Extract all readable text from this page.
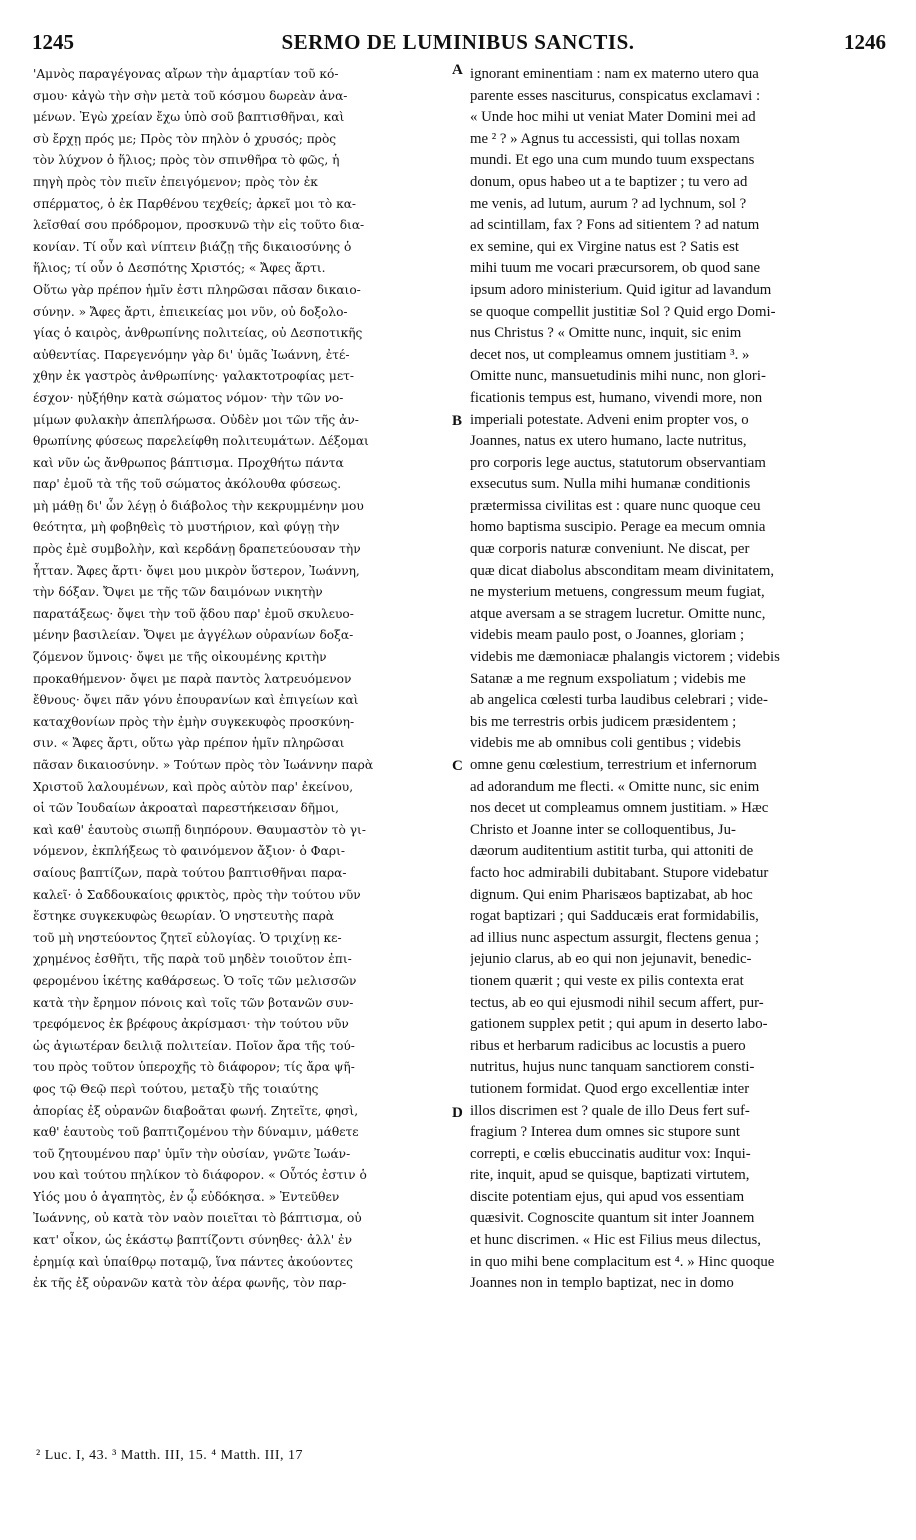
1245	SERMO DE LUMINIBUS SANCTIS.	1246
'Αμνὸς παραγέγονας αἴρων τὴν ἁμαρτίαν τοῦ κό-
σμου· κἀγὼ τὴν σὴν μετὰ τοῦ κόσμου δωρεὰν ἀνα-
μένων. Ἐγὼ χρείαν ἔχω ὑπὸ σοῦ βαπτισθῆναι, καὶ
σὺ ἔρχῃ πρός με; Πρὸς τὸν πηλὸν ὁ χρυσός; πρὸς
τὸν λύχνον ὁ ἥλιος; πρὸς τὸν σπινθῆρα τὸ φῶς, ἡ
πηγὴ πρὸς τὸν πιεῖν ἐπειγόμενον; πρὸς τὸν ἐκ
σπέρματος, ὁ ἐκ Παρθένου τεχθείς; ἀρκεῖ μοι τὸ κα-
λεῖσθαί σου πρόδρομον, προσκυνῶ τὴν εἰς τοῦτο δια-
κονίαν. Τί οὖν καὶ νίπτειν βιάζῃ τῆς δικαιοσύνης ὁ
ἥλιος; τί οὖν ὁ Δεσπότης Χριστός; « Ἄφες ἄρτι.
Οὕτω γὰρ πρέπον ἡμῖν ἐστι πληρῶσαι πᾶσαν δικαιο-
σύνην. » Ἄφες ἄρτι, ἐπιεικείας μοι νῦν, οὐ δοξολο-
γίας ὁ καιρὸς, ἀνθρωπίνης πολιτείας, οὐ Δεσποτικῆς
αὐθεντίας. Παρεγενόμην γὰρ δι' ὑμᾶς Ἰωάννη, ἐτέ-
χθην ἐκ γαστρὸς ἀνθρωπίνης· γαλακτοτροφίας μετ-
έσχον· ηὐξήθην κατὰ σώματος νόμον· τὴν τῶν νο-
μίμων φυλακὴν ἀπεπλήρωσα. Οὐδὲν μοι τῶν τῆς ἀν-
θρωπίνης φύσεως παρελείφθη πολιτευμάτων. Δέξομαι
καὶ νῦν ὡς ἄνθρωπος βάπτισμα. Προχθήτω πάντα
παρ' ἐμοῦ τὰ τῆς τοῦ σώματος ἀκόλουθα φύσεως.
μὴ μάθῃ δι' ὧν λέγῃ ὁ διάβολος τὴν κεκρυμμένην μου
θεότητα, μὴ φοβηθεὶς τὸ μυστήριον, καὶ φύγῃ τὴν
πρὸς ἐμὲ συμβολὴν, καὶ κερδάνῃ δραπετεύουσαν τὴν
ἧτταν. Ἄφες ἄρτι· ὄψει μου μικρὸν ὕστερον, Ἰωάννη,
τὴν δόξαν. Ὄψει με τῆς τῶν δαιμόνων νικητὴν
παρατάξεως· ὄψει τὴν τοῦ ᾅδου παρ' ἐμοῦ σκυλευο-
μένην βασιλείαν. Ὄψει με ἀγγέλων οὐρανίων δοξα-
ζόμενον ὕμνοις· ὄψει με τῆς οἰκουμένης κριτὴν
προκαθήμενον· ὄψει με παρὰ παντὸς λατρευόμενον
ἔθνους· ὄψει πᾶν γόνυ ἐπουρανίων καὶ ἐπιγείων καὶ
καταχθονίων πρὸς τὴν ἐμὴν συγκεκυφὸς προσκύνη-
σιν. « Ἄφες ἄρτι, οὕτω γὰρ πρέπον ἡμῖν πληρῶσαι
πᾶσαν δικαιοσύνην. » Τούτων πρὸς τὸν Ἰωάννην παρὰ
Χριστοῦ λαλουμένων, καὶ πρὸς αὐτὸν παρ' ἐκείνου,
οἱ τῶν Ἰουδαίων ἀκροαταὶ παρεστήκεισαν δῆμοι,
καὶ καθ' ἑαυτοὺς σιωπῇ διηπόρουν. Θαυμαστὸν τὸ γι-
νόμενον, ἐκπλήξεως τὸ φαινόμενον ἄξιον· ὁ Φαρι-
σαίους βαπτίζων, παρὰ τούτου βαπτισθῆναι παρα-
καλεῖ· ὁ Σαδδουκαίοις φρικτὸς, πρὸς τὴν τούτου νῦν
ἕστηκε συγκεκυφὼς θεωρίαν. Ὁ νηστευτὴς παρὰ
τοῦ μὴ νηστεύοντος ζητεῖ εὐλογίας. Ὁ τριχίνῃ κε-
χρημένος ἐσθῆτι, τῆς παρὰ τοῦ μηδὲν τοιοῦτον ἐπι-
φερομένου ἱκέτης καθάρσεως. Ὁ τοῖς τῶν μελισσῶν
κατὰ τὴν ἔρημον πόνοις καὶ τοῖς τῶν βοτανῶν συν-
τρεφόμενος ἐκ βρέφους ἀκρίσμασι· τὴν τούτου νῦν
ὡς ἁγιωτέραν δειλιᾷ πολιτείαν. Ποῖον ἄρα τῆς τού-
του πρὸς τοῦτον ὑπεροχῆς τὸ διάφορον; τίς ἄρα ψῆ-
φος τῷ Θεῷ περὶ τούτου, μεταξὺ τῆς τοιαύτης
ἀπορίας ἐξ οὐρανῶν διαβοᾶται φωνή. Ζητεῖτε, φησὶ,
καθ' ἑαυτοὺς τοῦ βαπτιζομένου τὴν δύναμιν, μάθετε
τοῦ ζητουμένου παρ' ὑμῖν τὴν οὐσίαν, γνῶτε Ἰωάν-
νου καὶ τούτου πηλίκον τὸ διάφορον. « Οὗτός ἐστιν ὁ
Υἱός μου ὁ ἀγαπητὸς, ἐν ᾧ εὐδόκησα. » Ἐντεῦθεν
Ἰωάννης, οὐ κατὰ τὸν ναὸν ποιεῖται τὸ βάπτισμα, οὐ
κατ' οἶκον, ὡς ἑκάστῳ βαπτίζοντι σύνηθες· ἀλλ' ἐν
ἐρημίᾳ καὶ ὑπαίθρῳ ποταμῷ, ἵνα πάντες ἀκούοντες
ἐκ τῆς ἐξ οὐρανῶν κατὰ τὸν ἀέρα φωνῆς, τὸν παρ-
ignorant eminentiam : nam ex materno utero qua
parente esses nasciturus, conspicatus exclamavi :
« Unde hoc mihi ut veniat Mater Domini mei ad
me ² ? » Agnus tu accessisti, qui tollas noxam
mundi. Et ego una cum mundo tuum exspectans
donum, opus habeo ut a te baptizer ; tu vero ad
me venis, ad lutum, aurum ? ad lychnum, sol ?
ad scintillam, fax ? Fons ad sitientem ? ad natum
ex semine, qui ex Virgine natus est ? Satis est
mihi tuum me vocari præcursorem, ob quod sane
ipsum adoro ministerium. Quid igitur ad lavandum
se quoque compellit justitiæ Sol ? Quid ergo Domi-
nus Christus ? « Omitte nunc, inquit, sic enim
decet nos, ut compleamus omnem justitiam ³. »
Omitte nunc, mansuetudinis mihi nunc, non glori-
ficationis tempus est, humano, vivendi more, non
imperiali potestate. Adveni enim propter vos, o
Joannes, natus ex utero humano, lacte nutritus,
pro corporis lege auctus, statutorum observantiam
exsecutus sum. Nulla mihi humanæ conditionis
prætermissa civilitas est : quare nunc quoque ceu
homo baptisma suscipio. Perage ea mecum omnia
quæ corporis naturæ conveniunt. Ne discat, per
quæ dicat diabolus absconditam meam divinitatem,
ne mysterium metuens, congressum meum fugiat,
atque aversam a se stragem lucretur. Omitte nunc,
videbis meam paulo post, o Joannes, gloriam ;
videbis me dæmoniacæ phalangis victorem ; videbis
Satanæ a me regnum exspoliatum ; videbis me
ab angelica cœlesti turba laudibus celebrari ; vide-
bis me terrestris orbis judicem præsidentem ;
videbis me ab omnibus coli gentibus ; videbis
omne genu cœlestium, terrestrium et infernorum
ad adorandum me flecti. « Omitte nunc, sic enim
nos decet ut compleamus omnem justitiam. » Hæc
Christo et Joanne inter se colloquentibus, Ju-
dæorum auditentium astitit turba, qui attoniti de
facto hoc admirabili dubitabant. Stupore videbatur
dignum. Qui enim Pharisæos baptizabat, ab hoc
rogat baptizari ; qui Sadducæis erat formidabilis,
ad illius nunc aspectum assurgit, flectens genua ;
jejunio clarus, ab eo qui non jejunavit, benedic-
tionem quærit ; qui veste ex pilis contexta erat
tectus, ab eo qui ejusmodi nihil secum affert, pur-
gationem supplex petit ; qui apum in deserto labo-
ribus et herbarum radicibus ac locustis a puero
nutritus, hujus nunc tanquam sanctiorem consti-
tutionem formidat. Quod ergo excellentiæ inter
illos discrimen est ? quale de illo Deus fert suf-
fragium ? Interea dum omnes sic stupore sunt
correpti, e cœlis ebuccinatis auditur vox: Inqui-
rite, inquit, apud se quisque, baptizati virtutem,
discite potentiam ejus, qui apud vos essentiam
quæsivit. Cognoscite quantum sit inter Joannem
et hunc discrimen. « Hic est Filius meus dilectus,
in quo mihi bene complacitum est ⁴. » Hinc quoque
Joannes non in templo baptizat, nec in domo
A
B
C
D
² Luc. I, 43. ³ Matth. III, 15. ⁴ Matth. III, 17
